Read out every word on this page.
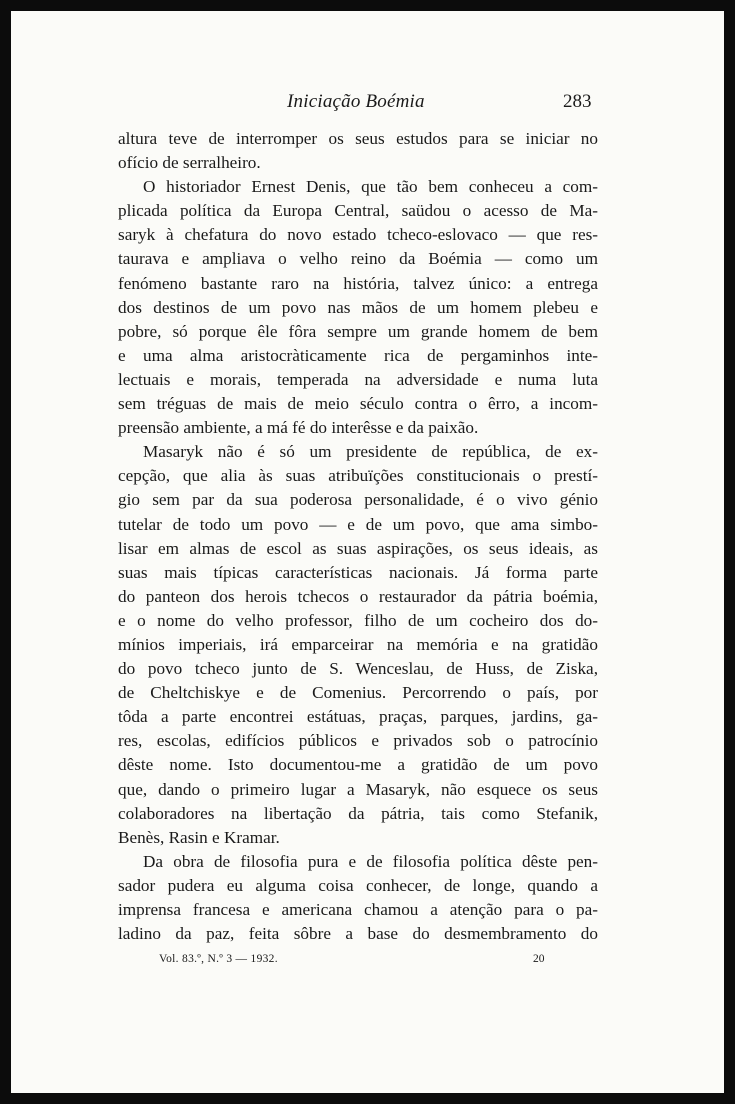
Iniciação Boémia	283
altura teve de interromper os seus estudos para se iniciar no
ofício de serralheiro.
O historiador Ernest Denis, que tão bem conheceu a com-
plicada política da Europa Central, saüdou o acesso de Ma-
saryk à chefatura do novo estado tcheco-eslovaco — que res-
taurava e ampliava o velho reino da Boémia — como um
fenómeno bastante raro na história, talvez único: a entrega
dos destinos de um povo nas mãos de um homem plebeu e
pobre, só porque êle fôra sempre um grande homem de bem
e uma alma aristocràticamente rica de pergaminhos inte-
lectuais e morais, temperada na adversidade e numa luta
sem tréguas de mais de meio século contra o êrro, a incom-
preensão ambiente, a má fé do interêsse e da paixão.
Masaryk não é só um presidente de república, de ex-
cepção, que alia às suas atribuïções constitucionais o prestí-
gio sem par da sua poderosa personalidade, é o vivo génio
tutelar de todo um povo — e de um povo, que ama simbo-
lisar em almas de escol as suas aspirações, os seus ideais, as
suas mais típicas características nacionais. Já forma parte
do panteon dos herois tchecos o restaurador da pátria boémia,
e o nome do velho professor, filho de um cocheiro dos do-
mínios imperiais, irá emparceirar na memória e na gratidão
do povo tcheco junto de S. Wenceslau, de Huss, de Ziska,
de Cheltchiskye e de Comenius. Percorrendo o país, por
tôda a parte encontrei estátuas, praças, parques, jardins, ga-
res, escolas, edifícios públicos e privados sob o patrocínio
dêste nome. Isto documentou-me a gratidão de um povo
que, dando o primeiro lugar a Masaryk, não esquece os seus
colaboradores na libertação da pátria, tais como Stefanik,
Benès, Rasin e Kramar.
Da obra de filosofia pura e de filosofia política dêste pen-
sador pudera eu alguma coisa conhecer, de longe, quando a
imprensa francesa e americana chamou a atenção para o pa-
ladino da paz, feita sôbre a base do desmembramento do
Vol. 83.º, N.º 3 — 1932.	20
